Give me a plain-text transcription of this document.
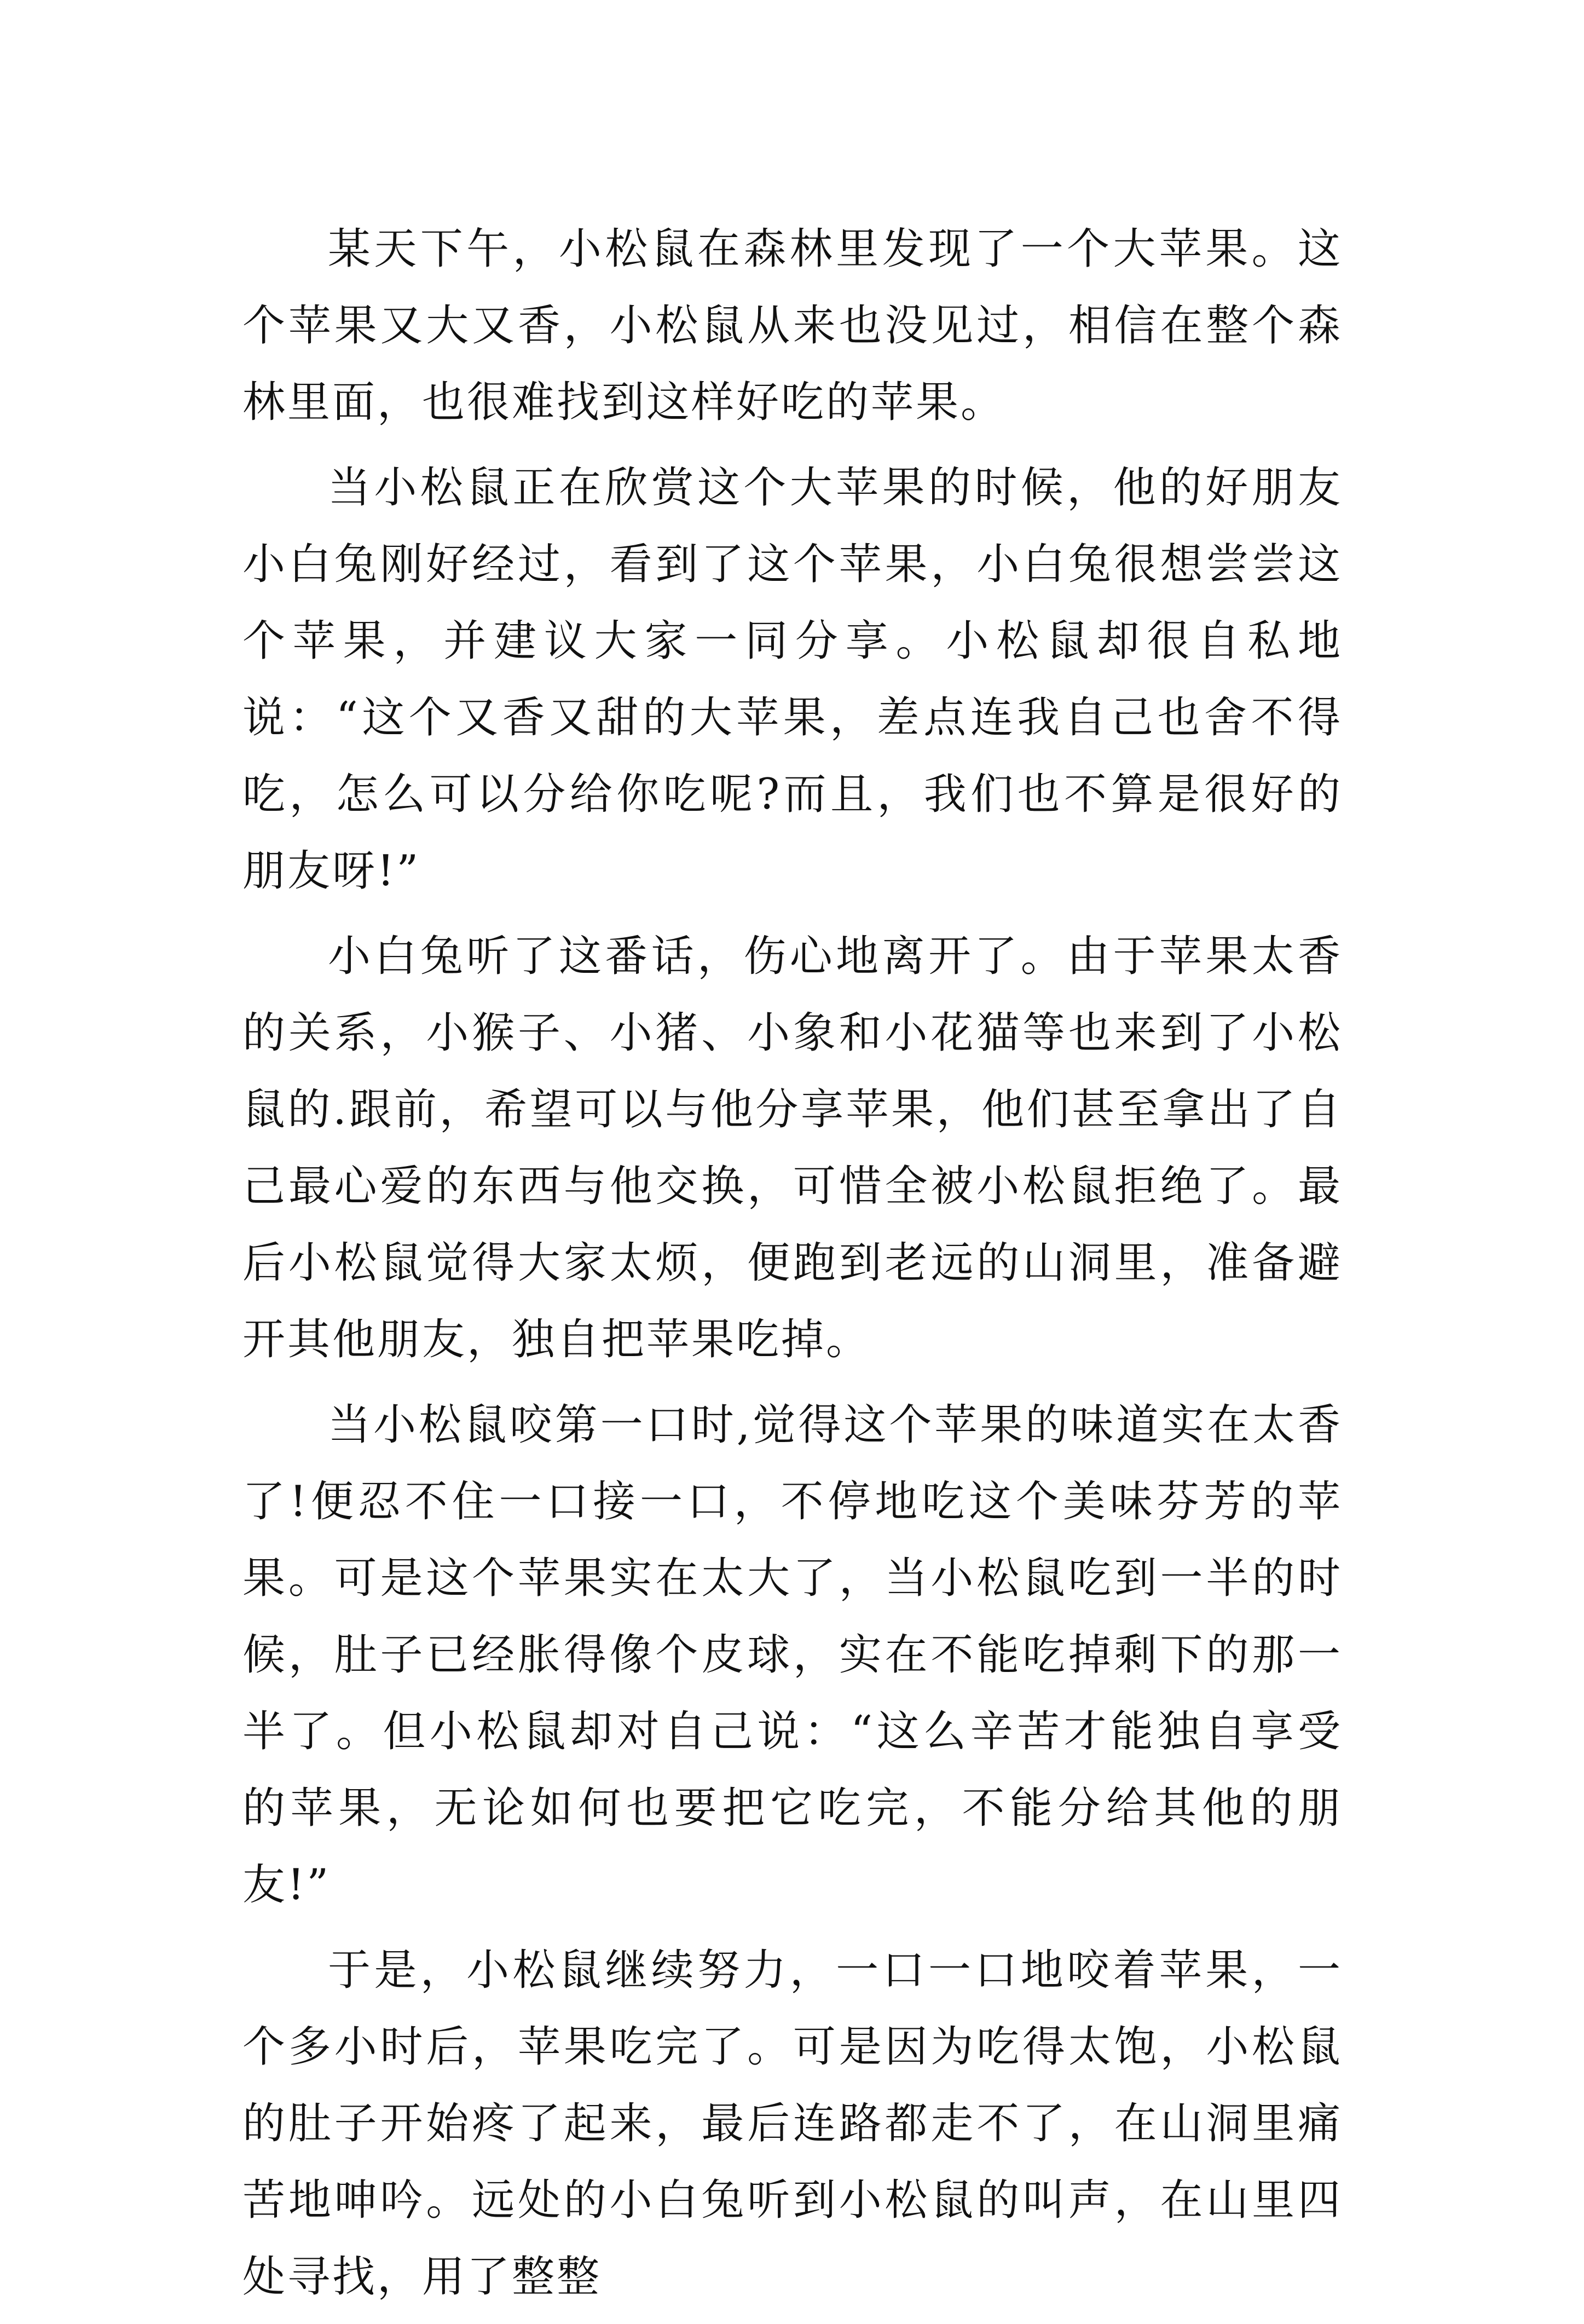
某天下午，小松鼠在森林里发现了一个大苹果。这个苹果又大又香，小松鼠从来也没见过，相信在整个森林里面，也很难找到这样好吃的苹果。

当小松鼠正在欣赏这个大苹果的时候，他的好朋友小白兔刚好经过，看到了这个苹果，小白兔很想尝尝这个苹果，并建议大家一同分享。小松鼠却很自私地说：“这个又香又甜的大苹果，差点连我自己也舍不得吃，怎么可以分给你吃呢?而且，我们也不算是很好的朋友呀!”

小白兔听了这番话，伤心地离开了。由于苹果太香的关系，小猴子、小猪、小象和小花猫等也来到了小松鼠的.跟前，希望可以与他分享苹果，他们甚至拿出了自己最心爱的东西与他交换，可惜全被小松鼠拒绝了。最后小松鼠觉得大家太烦，便跑到老远的山洞里，准备避开其他朋友，独自把苹果吃掉。

当小松鼠咬第一口时,觉得这个苹果的味道实在太香了!便忍不住一口接一口，不停地吃这个美味芬芳的苹果。可是这个苹果实在太大了，当小松鼠吃到一半的时候，肚子已经胀得像个皮球，实在不能吃掉剩下的那一半了。但小松鼠却对自己说：“这么辛苦才能独自享受的苹果，无论如何也要把它吃完，不能分给其他的朋友!”

于是，小松鼠继续努力，一口一口地咬着苹果，一个多小时后，苹果吃完了。可是因为吃得太饱，小松鼠的肚子开始疼了起来，最后连路都走不了，在山洞里痛苦地呻吟。远处的小白兔听到小松鼠的叫声，在山里四处寻找，用了整整
